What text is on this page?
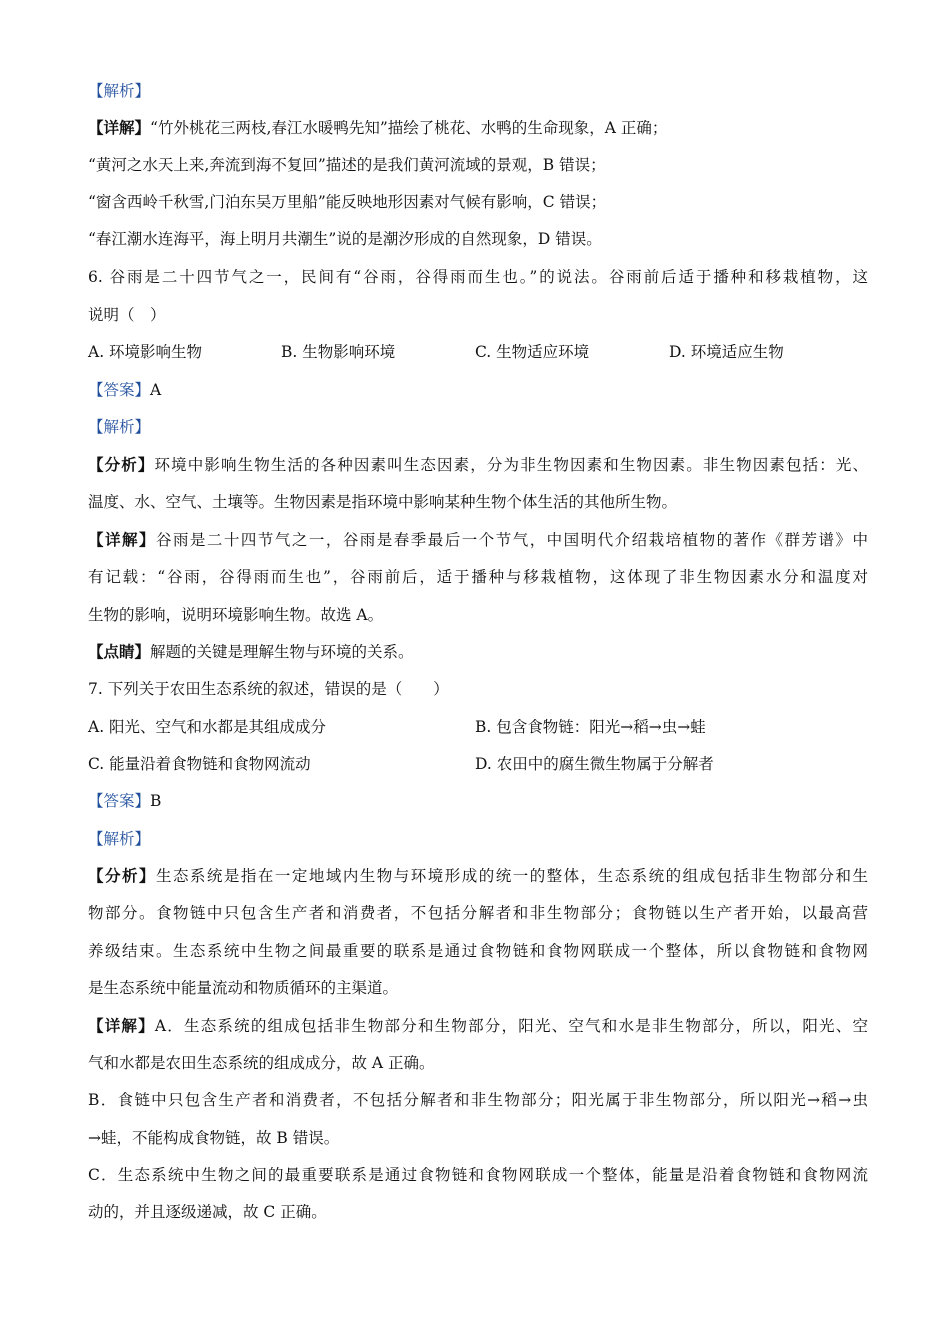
【解析】
【详解】“竹外桃花三两枝,春江水暖鸭先知”描绘了桃花、水鸭的生命现象，A 正确；
“黄河之水天上来,奔流到海不复回”描述的是我们黄河流域的景观，B 错误；
“窗含西岭千秋雪,门泊东吴万里船”能反映地形因素对气候有影响，C 错误；
“春江潮水连海平，海上明月共潮生”说的是潮汐形成的自然现象，D 错误。
6. 谷雨是二十四节气之一，民间有“谷雨，谷得雨而生也。”的说法。谷雨前后适于播种和移栽植物，这
说明（　）
A. 环境影响生物	B. 生物影响环境	C. 生物适应环境	D. 环境适应生物
【答案】A
【解析】
【分析】环境中影响生物生活的各种因素叫生态因素，分为非生物因素和生物因素。非生物因素包括：光、
温度、水、空气、土壤等。生物因素是指环境中影响某种生物个体生活的其他所生物。
【详解】谷雨是二十四节气之一，谷雨是春季最后一个节气，中国明代介绍栽培植物的著作《群芳谱》中
有记载：“谷雨，谷得雨而生也”，谷雨前后，适于播种与移栽植物，这体现了非生物因素水分和温度对
生物的影响，说明环境影响生物。故选 A。
【点睛】解题的关键是理解生物与环境的关系。
7. 下列关于农田生态系统的叙述，错误的是（　　）
A. 阳光、空气和水都是其组成成分	B. 包含食物链：阳光→稻→虫→蛙
C. 能量沿着食物链和食物网流动	D. 农田中的腐生微生物属于分解者
【答案】B
【解析】
【分析】生态系统是指在一定地域内生物与环境形成的统一的整体，生态系统的组成包括非生物部分和生
物部分。食物链中只包含生产者和消费者，不包括分解者和非生物部分；食物链以生产者开始，以最高营
养级结束。生态系统中生物之间最重要的联系是通过食物链和食物网联成一个整体，所以食物链和食物网
是生态系统中能量流动和物质循环的主渠道。
【详解】A．生态系统的组成包括非生物部分和生物部分，阳光、空气和水是非生物部分，所以，阳光、空
气和水都是农田生态系统的组成成分，故 A 正确。
B．食链中只包含生产者和消费者，不包括分解者和非生物部分；阳光属于非生物部分，所以阳光→稻→虫
→蛙，不能构成食物链，故 B 错误。
C．生态系统中生物之间的最重要联系是通过食物链和食物网联成一个整体，能量是沿着食物链和食物网流
动的，并且逐级递减，故 C 正确。
